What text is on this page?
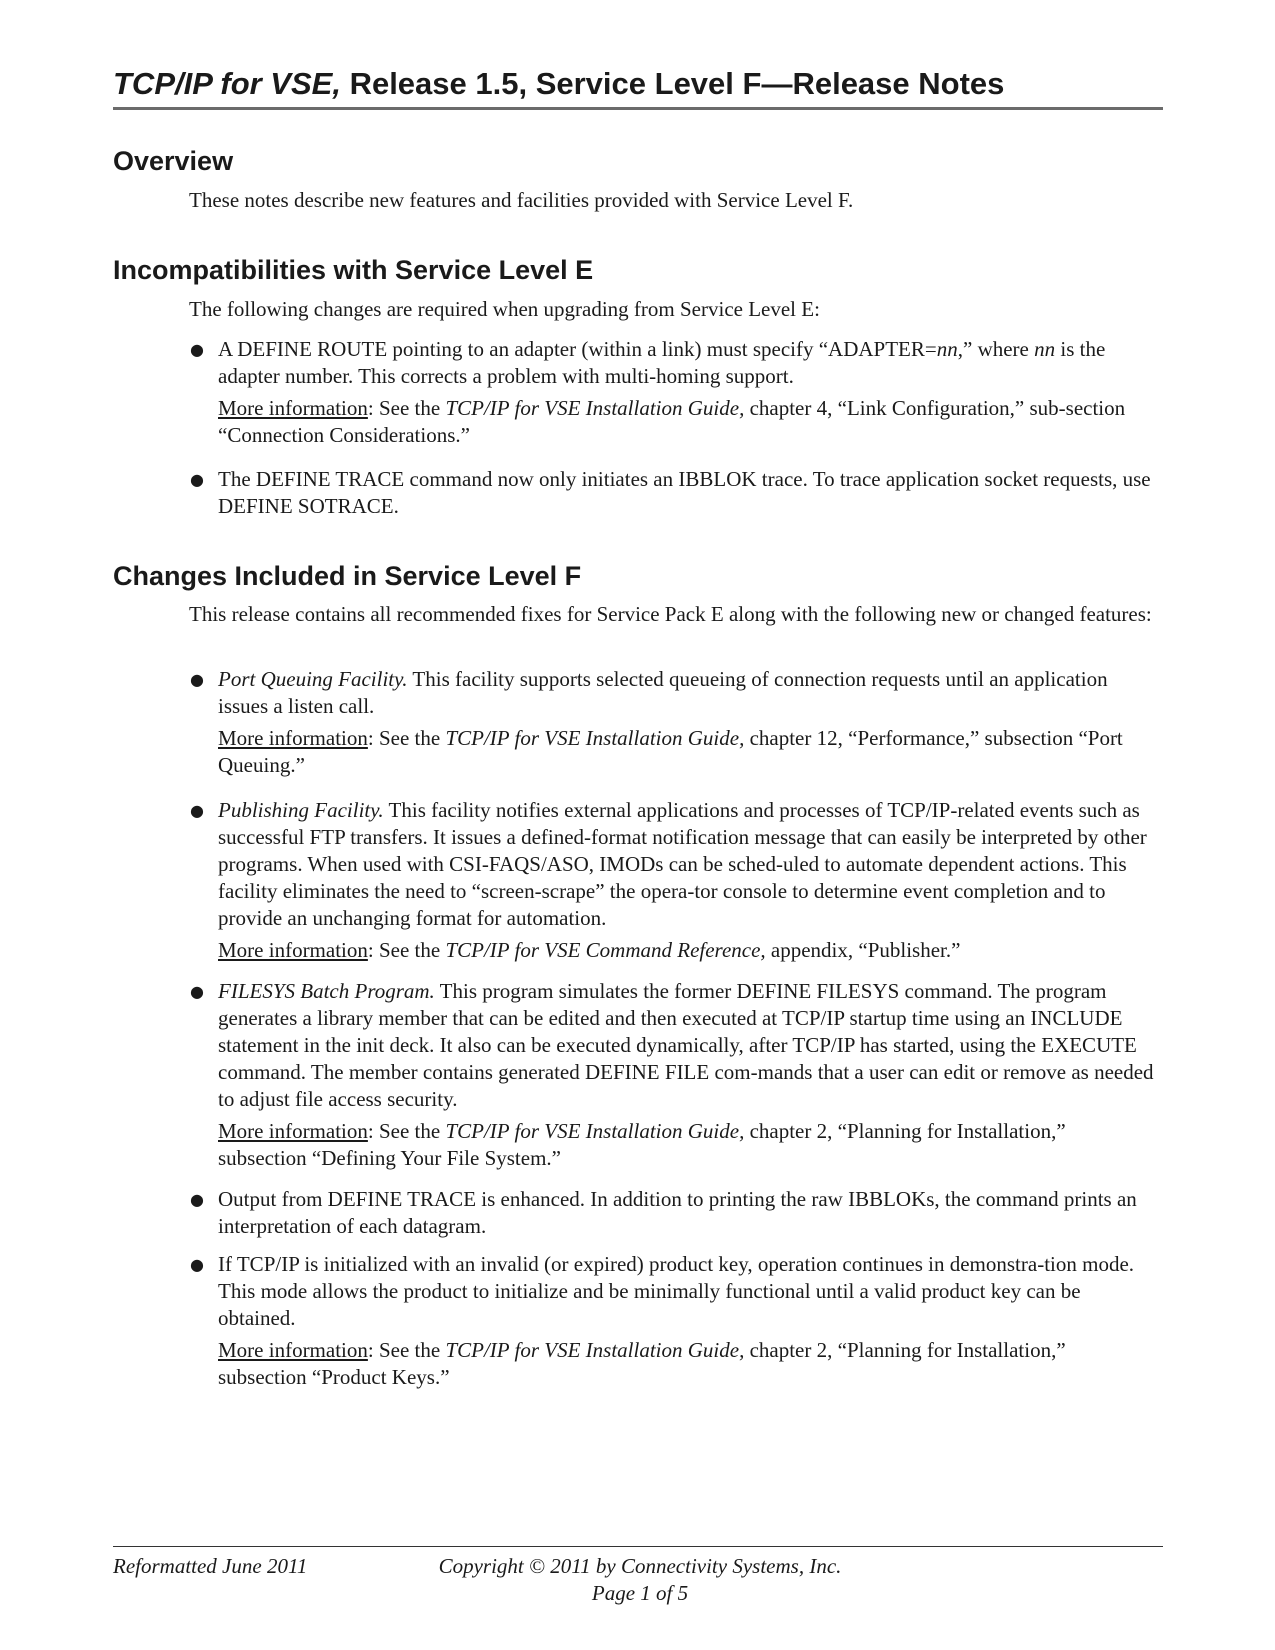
TCP/IP for VSE, Release 1.5, Service Level F—Release Notes
Overview

These notes describe new features and facilities provided with Service Level F.

Incompatibilities with Service Level E

The following changes are required when upgrading from Service Level E:

● A DEFINE ROUTE pointing to an adapter (within a link) must specify “ADAPTER=nn,” where nn is the adapter number. This corrects a problem with multi-homing support.

More information: See the TCP/IP for VSE Installation Guide, chapter 4, “Link Configuration,” sub-section “Connection Considerations.”

● The DEFINE TRACE command now only initiates an IBBLOK trace. To trace application socket requests, use DEFINE SOTRACE.

Changes Included in Service Level F

This release contains all recommended fixes for Service Pack E along with the following new or changed features:

● Port Queuing Facility. This facility supports selected queueing of connection requests until an application issues a listen call.

More information: See the TCP/IP for VSE Installation Guide, chapter 12, “Performance,” subsection “Port Queuing.”

● Publishing Facility. This facility notifies external applications and processes of TCP/IP-related events such as successful FTP transfers. It issues a defined-format notification message that can easily be interpreted by other programs. When used with CSI-FAQS/ASO, IMODs can be sched-uled to automate dependent actions. This facility eliminates the need to “screen-scrape” the opera-tor console to determine event completion and to provide an unchanging format for automation.

More information: See the TCP/IP for VSE Command Reference, appendix, “Publisher.”

● FILESYS Batch Program. This program simulates the former DEFINE FILESYS command. The program generates a library member that can be edited and then executed at TCP/IP startup time using an INCLUDE statement in the init deck. It also can be executed dynamically, after TCP/IP has started, using the EXECUTE command. The member contains generated DEFINE FILE com-mands that a user can edit or remove as needed to adjust file access security.

More information: See the TCP/IP for VSE Installation Guide, chapter 2, “Planning for Installation,” subsection “Defining Your File System.”

● Output from DEFINE TRACE is enhanced. In addition to printing the raw IBBLOKs, the command prints an interpretation of each datagram.

● If TCP/IP is initialized with an invalid (or expired) product key, operation continues in demonstra-tion mode. This mode allows the product to initialize and be minimally functional until a valid product key can be obtained.

More information: See the TCP/IP for VSE Installation Guide, chapter 2, “Planning for Installation,” subsection “Product Keys.”

Reformatted June 2011	Copyright © 2011 by Connectivity Systems, Inc.
Page 1 of 5
